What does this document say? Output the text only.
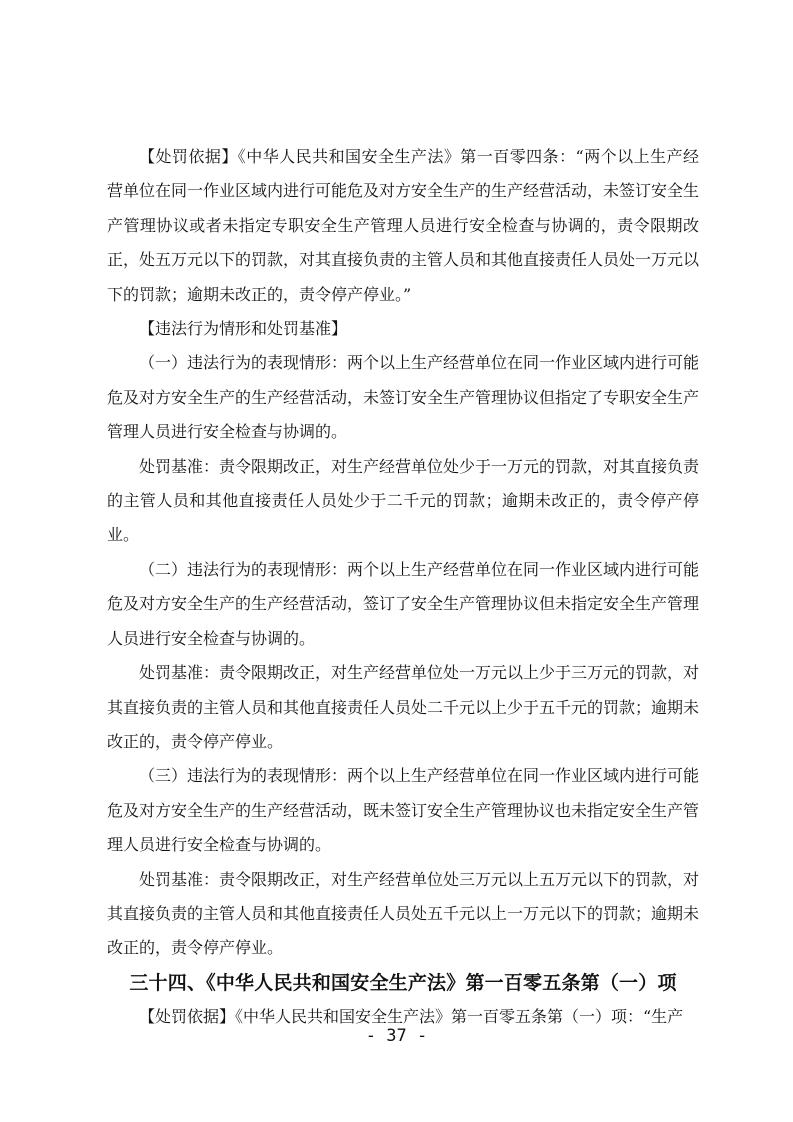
【处罚依据】《中华人民共和国安全生产法》第一百零四条：“两个以上生产经营单位在同一作业区域内进行可能危及对方安全生产的生产经营活动，未签订安全生产管理协议或者未指定专职安全生产管理人员进行安全检查与协调的，责令限期改正，处五万元以下的罚款，对其直接负责的主管人员和其他直接责任人员处一万元以下的罚款；逾期未改正的，责令停产停业。”

【违法行为情形和处罚基准】

（一）违法行为的表现情形：两个以上生产经营单位在同一作业区域内进行可能危及对方安全生产的生产经营活动，未签订安全生产管理协议但指定了专职安全生产管理人员进行安全检查与协调的。

处罚基准：责令限期改正，对生产经营单位处少于一万元的罚款，对其直接负责的主管人员和其他直接责任人员处少于二千元的罚款；逾期未改正的，责令停产停业。

（二）违法行为的表现情形：两个以上生产经营单位在同一作业区域内进行可能危及对方安全生产的生产经营活动，签订了安全生产管理协议但未指定安全生产管理人员进行安全检查与协调的。

处罚基准：责令限期改正，对生产经营单位处一万元以上少于三万元的罚款，对其直接负责的主管人员和其他直接责任人员处二千元以上少于五千元的罚款；逾期未改正的，责令停产停业。

（三）违法行为的表现情形：两个以上生产经营单位在同一作业区域内进行可能危及对方安全生产的生产经营活动，既未签订安全生产管理协议也未指定安全生产管理人员进行安全检查与协调的。

处罚基准：责令限期改正，对生产经营单位处三万元以上五万元以下的罚款，对其直接负责的主管人员和其他直接责任人员处五千元以上一万元以下的罚款；逾期未改正的，责令停产停业。

三十四、《中华人民共和国安全生产法》第一百零五条第（一）项

【处罚依据】《中华人民共和国安全生产法》第一百零五条第（一）项：“生产

- 37 -
